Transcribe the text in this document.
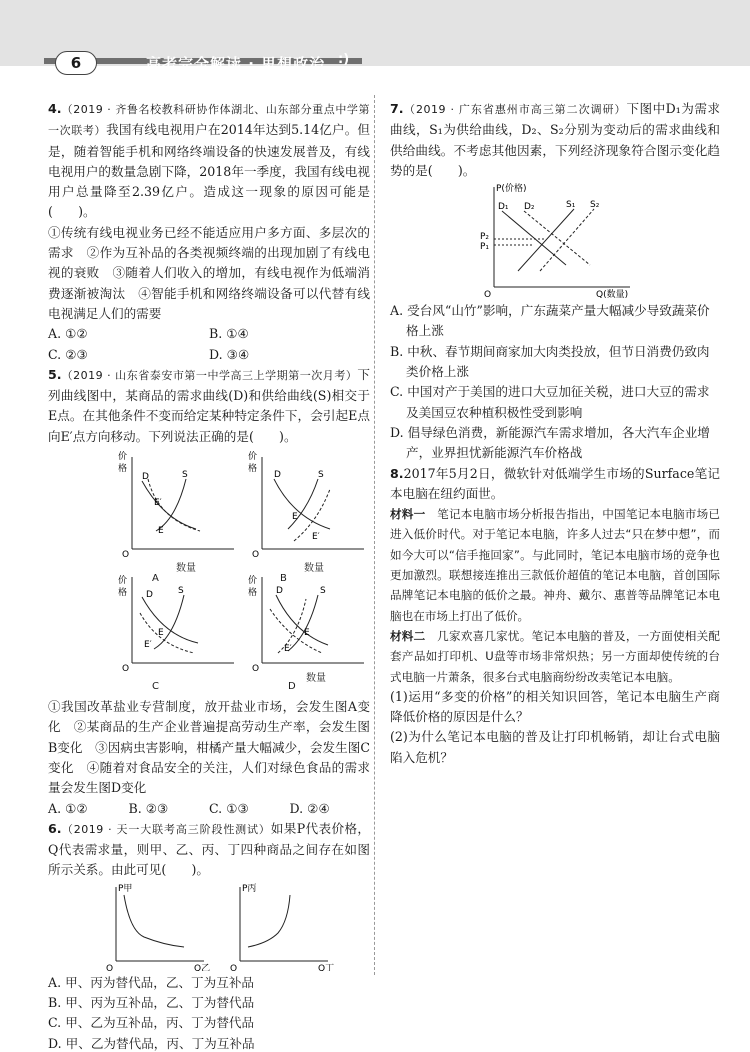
6	高考完全解读 · 思想政治 :)
4.（2019 · 齐鲁名校教科研协作体湖北、山东部分重点中学第一次联考）我国有线电视用户在2014年达到5.14亿户。但是，随着智能手机和网络终端设备的快速发展普及，有线电视用户的数量急剧下降，2018年一季度，我国有线电视用户总量降至2.39亿户。造成这一现象的原因可能是(　　)。
①传统有线电视业务已经不能适应用户多方面、多层次的需求　②作为互补品的各类视频终端的出现加剧了有线电视的衰败　③随着人们收入的增加，有线电视作为低端消费逐渐被淘汰　④智能手机和网络终端设备可以代替有线电视满足人们的需要
A. ①②	B. ①④
C. ②③	D. ③④
5.（2019 · 山东省泰安市第一中学高三上学期第一次月考）下列曲线图中，某商品的需求曲线(D)和供给曲线(S)相交于E点。在其他条件不变而给定某种特定条件下，会引起E点向E′点方向移动。下列说法正确的是(　　)。
价
格
D	S
E′
E
O
数量
A
价
格
D	S
E
E′
O
数量
B
价
格 D	S
E
E′
O
价
格 D	S
E
E′
O
C
数量
D
①我国改革盐业专营制度，放开盐业市场，会发生图A变化　②某商品的生产企业普遍提高劳动生产率，会发生图B变化　③因病虫害影响，柑橘产量大幅减少，会发生图C变化　④随着对食品安全的关注，人们对绿色食品的需求量会发生图D变化
A. ①②	B. ②③	C. ①③	D. ②④
6.（2019 · 天一大联考高三阶段性测试）如果P代表价格，Q代表需求量，则甲、乙、丙、丁四种商品之间存在如图所示关系。由此可见(　　)。
P甲
Q乙
O
P丙
Q丁
O
A. 甲、丙为替代品，乙、丁为互补品
B. 甲、丙为互补品，乙、丁为替代品
C. 甲、乙为互补品，丙、丁为替代品
D. 甲、乙为替代品，丙、丁为互补品
7.（2019 · 广东省惠州市高三第二次调研）下图中D₁为需求曲线，S₁为供给曲线，D₂、S₂分别为变动后的需求曲线和供给曲线。不考虑其他因素，下列经济现象符合图示变化趋势的是(　　)。
P(价格)
Q(数量)
O
D₁ D₂	S₁ S₂
P₂
P₁
A. 受台风“山竹”影响，广东蔬菜产量大幅减少导致蔬菜价格上涨
B. 中秋、春节期间商家加大肉类投放，但节日消费仍致肉类价格上涨
C. 中国对产于美国的进口大豆加征关税，进口大豆的需求及美国豆农种植积极性受到影响
D. 倡导绿色消费，新能源汽车需求增加，各大汽车企业增产，业界担忧新能源汽车价格战
8.2017年5月2日，微软针对低端学生市场的Surface笔记本电脑在纽约面世。
材料一　 笔记本电脑市场分析报告指出，中国笔记本电脑市场已进入低价时代。对于笔记本电脑，许多人过去“只在梦中想”，而如今大可以“信手拖回家”。与此同时，笔记本电脑市场的竞争也更加激烈。联想接连推出三款低价超值的笔记本电脑，首创国际品牌笔记本电脑的低价之最。神舟、戴尔、惠普等品牌笔记本电脑也在市场上打出了低价。
材料二　 几家欢喜几家忧。笔记本电脑的普及，一方面使相关配套产品如打印机、U盘等市场非常炽热；另一方面却使传统的台式电脑一片萧条，很多台式电脑商纷纷改卖笔记本电脑。
(1)运用“多变的价格”的相关知识回答，笔记本电脑生产商降低价格的原因是什么？
(2)为什么笔记本电脑的普及让打印机畅销，却让台式电脑陷入危机？
